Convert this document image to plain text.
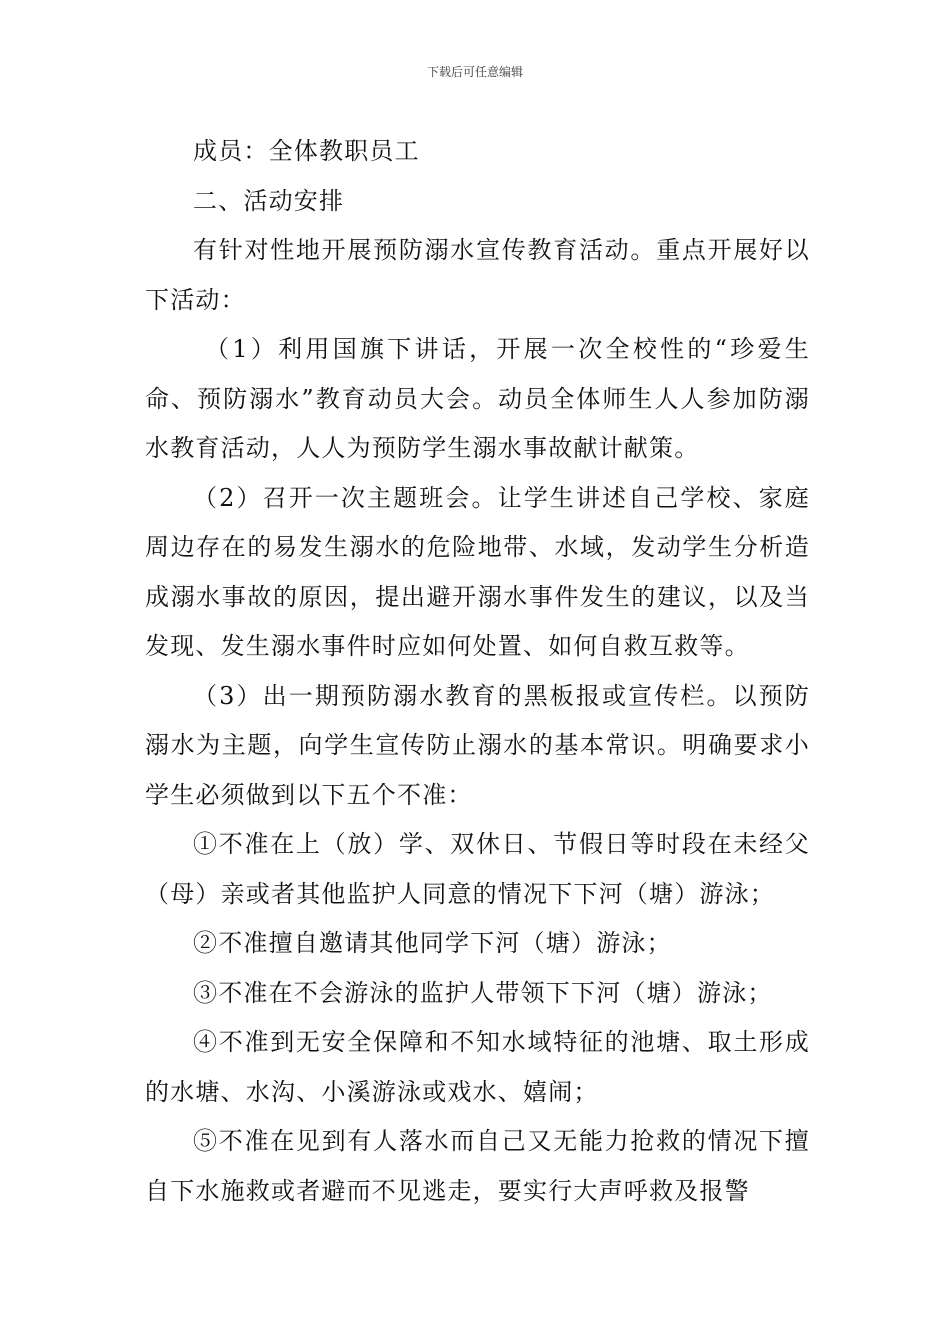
下载后可任意编辑

成员：全体教职员工

二、活动安排

有针对性地开展预防溺水宣传教育活动。重点开展好以下活动：

（1）利用国旗下讲话，开展一次全校性的“珍爱生命、预防溺水”教育动员大会。动员全体师生人人参加防溺水教育活动，人人为预防学生溺水事故献计献策。

（2）召开一次主题班会。让学生讲述自己学校、家庭周边存在的易发生溺水的危险地带、水域，发动学生分析造成溺水事故的原因，提出避开溺水事件发生的建议，以及当发现、发生溺水事件时应如何处置、如何自救互救等。

（3）出一期预防溺水教育的黑板报或宣传栏。以预防溺水为主题，向学生宣传防止溺水的基本常识。明确要求小学生必须做到以下五个不准：

①不准在上（放）学、双休日、节假日等时段在未经父（母）亲或者其他监护人同意的情况下下河（塘）游泳；

②不准擅自邀请其他同学下河（塘）游泳；

③不准在不会游泳的监护人带领下下河（塘）游泳；

④不准到无安全保障和不知水域特征的池塘、取土形成的水塘、水沟、小溪游泳或戏水、嬉闹；

⑤不准在见到有人落水而自己又无能力抢救的情况下擅自下水施救或者避而不见逃走，要实行大声呼救及报警
